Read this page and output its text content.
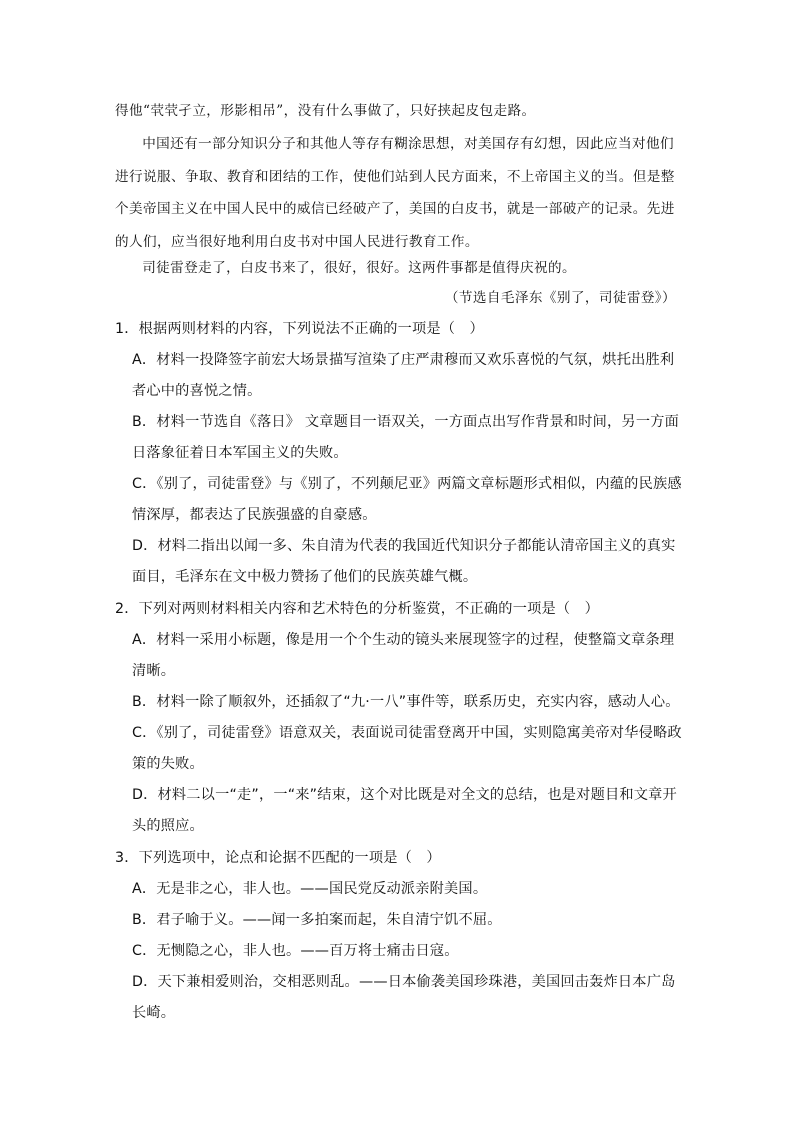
得他“茕茕孑立，形影相吊”，没有什么事做了，只好挟起皮包走路。

中国还有一部分知识分子和其他人等存有糊涂思想，对美国存有幻想，因此应当对他们进行说服、争取、教育和团结的工作，使他们站到人民方面来，不上帝国主义的当。但是整个美帝国主义在中国人民中的威信已经破产了，美国的白皮书，就是一部破产的记录。先进的人们，应当很好地利用白皮书对中国人民进行教育工作。

司徒雷登走了，白皮书来了，很好，很好。这两件事都是值得庆祝的。

（节选自毛泽东《别了，司徒雷登》）

1．根据两则材料的内容，下列说法不正确的一项是（　）

A．材料一投降签字前宏大场景描写渲染了庄严肃穆而又欢乐喜悦的气氛，烘托出胜利者心中的喜悦之情。

B．材料一节选自《落日》 文章题目一语双关，一方面点出写作背景和时间，另一方面日落象征着日本军国主义的失败。

C．《别了，司徒雷登》与《别了，不列颠尼亚》两篇文章标题形式相似，内蕴的民族感情深厚，都表达了民族强盛的自豪感。

D．材料二指出以闻一多、朱自清为代表的我国近代知识分子都能认清帝国主义的真实面目，毛泽东在文中极力赞扬了他们的民族英雄气概。

2．下列对两则材料相关内容和艺术特色的分析鉴赏，不正确的一项是（　）

A．材料一采用小标题，像是用一个个生动的镜头来展现签字的过程，使整篇文章条理清晰。

B．材料一除了顺叙外，还插叙了“九·一八”事件等，联系历史，充实内容，感动人心。

C．《别了，司徒雷登》语意双关，表面说司徒雷登离开中国，实则隐寓美帝对华侵略政策的失败。

D．材料二以一“走”，一“来”结束，这个对比既是对全文的总结，也是对题目和文章开头的照应。

3．下列选项中，论点和论据不匹配的一项是（　）

A．无是非之心，非人也。——国民党反动派亲附美国。

B．君子喻于义。——闻一多拍案而起，朱自清宁饥不屈。

C．无恻隐之心，非人也。——百万将士痛击日寇。

D．天下兼相爱则治，交相恶则乱。——日本偷袭美国珍珠港，美国回击轰炸日本广岛长崎。
